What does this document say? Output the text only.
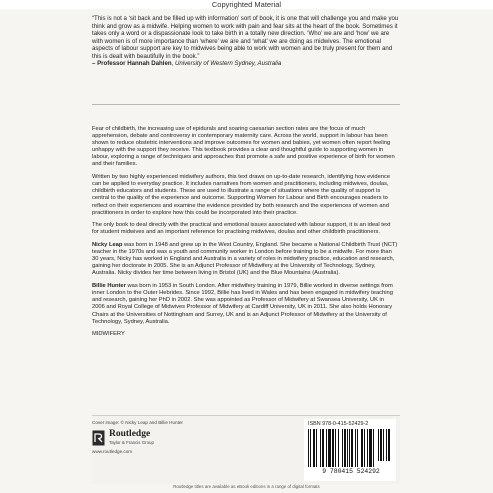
Copyrighted Material
“This is not a ‘sit back and be filled up with information’ sort of book, it is one that will challenge you and make you think and grow as a midwife. Helping women to work with pain and fear sits at the heart of the book. Sometimes it takes only a word or a dispassionate look to take birth in a totally new direction. ‘Who’ we are and ‘how’ we are with women is of more importance than ‘where’ we are and ‘what’ we are doing as midwives. The emotional aspects of labour support are key to midwives being able to work with women and be truly present for them and this is dealt with beautifully in the book.”
– Professor Hannah Dahlen, University of Western Sydney, Australia

Fear of childbirth, the increasing use of epidurals and soaring caesarian section rates are the focus of much apprehension, debate and controversy in contemporary maternity care. Across the world, support in labour has been shown to reduce obstetric interventions and improve outcomes for women and babies, yet women often report feeling unhappy with the support they receive. This textbook provides a clear and thoughtful guide to supporting women in labour, exploring a range of techniques and approaches that promote a safe and positive experience of birth for women and their families.

Written by two highly experienced midwifery authors, this text draws on up-to-date research, identifying how evidence can be applied to everyday practice. It includes narratives from women and practitioners, including midwives, doulas, childbirth educators and students. These are used to illustrate a range of situations where the quality of support is central to the quality of the experience and outcome. Supporting Women for Labour and Birth encourages readers to reflect on their experiences and examine the evidence provided by both research and the experiences of women and practitioners in order to explore how this could be incorporated into their practice.

The only book to deal directly with the practical and emotional issues associated with labour support, it is an ideal text for student midwives and an important reference for practising midwives, doulas and other childbirth practitioners.

Nicky Leap was born in 1948 and grew up in the West Country, England. She became a National Childbirth Trust (NCT) teacher in the 1970s and was a youth and community worker in London before training to be a midwife. For more than 30 years, Nicky has worked in England and Australia in a variety of roles in midwifery practice, education and research, gaining her doctorate in 2005. She is an Adjunct Professor of Midwifery at the University of Technology, Sydney, Australia. Nicky divides her time between living in Bristol (UK) and the Blue Mountains (Australia).

Billie Hunter was born in 1953 in South London. After midwifery training in 1979, Billie worked in diverse settings from inner London to the Outer Hebrides. Since 1992, Billie has lived in Wales and has been engaged in midwifery teaching and research, gaining her PhD in 2002. She was appointed as Professor of Midwifery at Swansea University, UK in 2006 and Royal College of Midwives Professor of Midwifery at Cardiff University, UK in 2011. She also holds Honorary Chairs at the Universities of Nottingham and Surrey, UK and is an Adjunct Professor of Midwifery at the University of Technology, Sydney, Australia.

MIDWIFERY

Cover image: © Nicky Leap and Billie Hunter
Routledge
Taylor & Francis Group
www.routledge.com
ISBN 978-0-415-52429-2
9 780415 524292
Routledge titles are available as eBook editions in a range of digital formats
